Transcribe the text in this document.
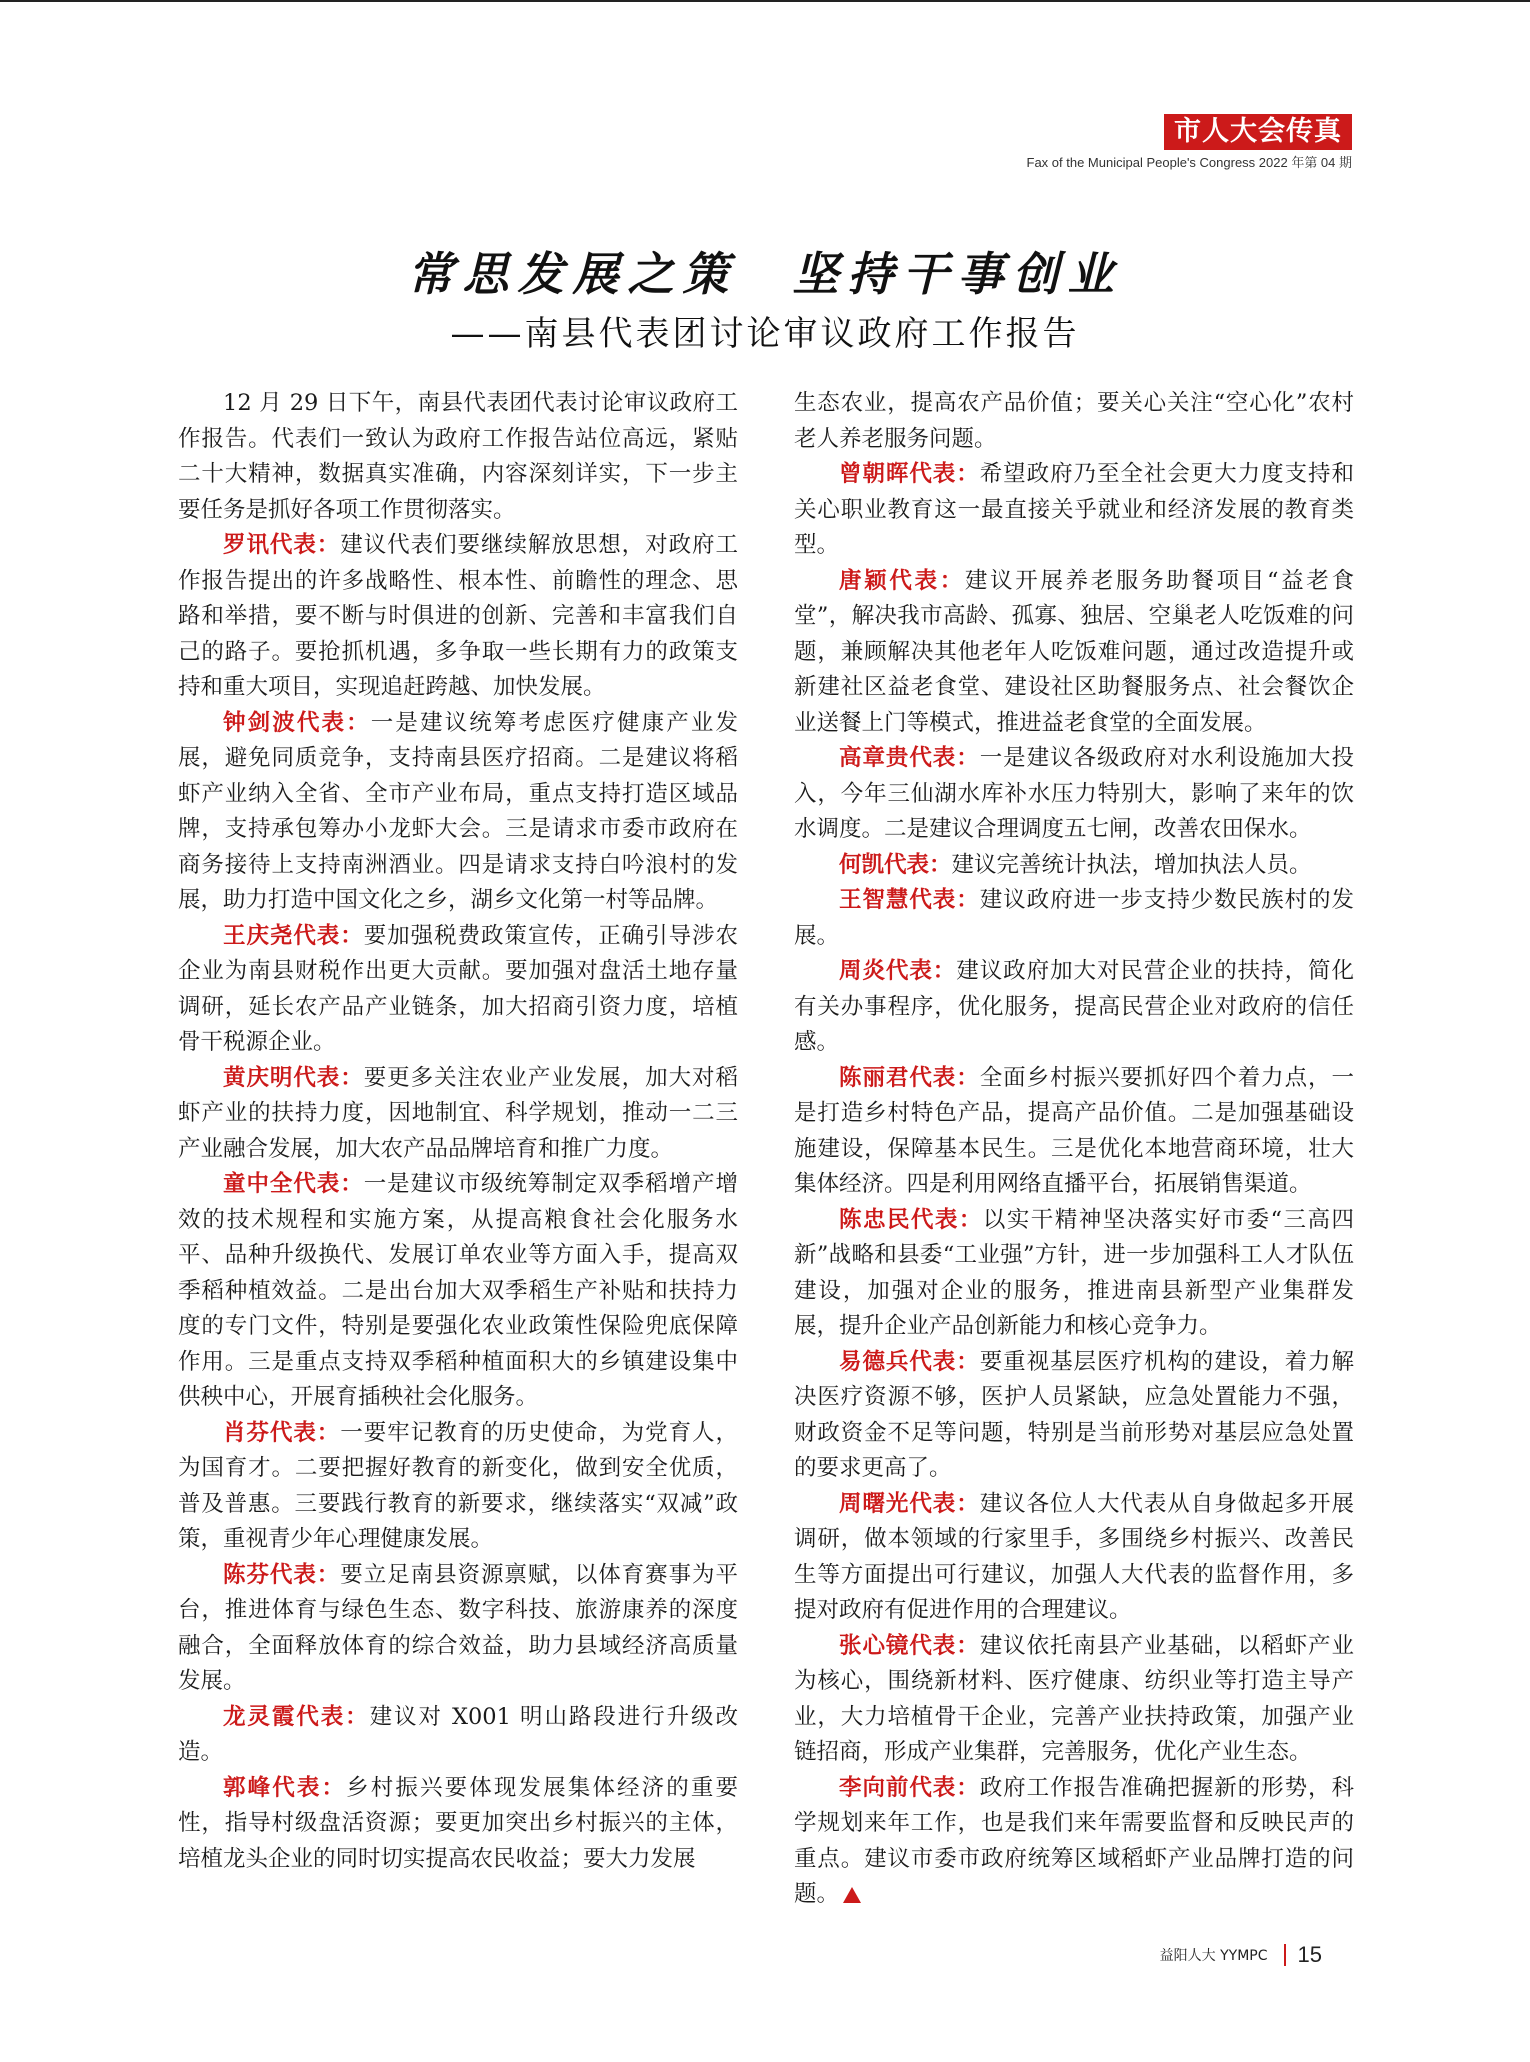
市人大会传真
Fax of the Municipal People's Congress 2022 年第 04 期
常思发展之策　坚持干事创业
——南县代表团讨论审议政府工作报告

12 月 29 日下午，南县代表团代表讨论审议政府工作报告。代表们一致认为政府工作报告站位高远，紧贴二十大精神，数据真实准确，内容深刻详实，下一步主要任务是抓好各项工作贯彻落实。

罗讯代表：建议代表们要继续解放思想，对政府工作报告提出的许多战略性、根本性、前瞻性的理念、思路和举措，要不断与时俱进的创新、完善和丰富我们自己的路子。要抢抓机遇，多争取一些长期有力的政策支持和重大项目，实现追赶跨越、加快发展。

钟剑波代表：一是建议统筹考虑医疗健康产业发展，避免同质竞争，支持南县医疗招商。二是建议将稻虾产业纳入全省、全市产业布局，重点支持打造区域品牌，支持承包筹办小龙虾大会。三是请求市委市政府在商务接待上支持南洲酒业。四是请求支持白吟浪村的发展，助力打造中国文化之乡，湖乡文化第一村等品牌。

王庆尧代表：要加强税费政策宣传，正确引导涉农企业为南县财税作出更大贡献。要加强对盘活土地存量调研，延长农产品产业链条，加大招商引资力度，培植骨干税源企业。

黄庆明代表：要更多关注农业产业发展，加大对稻虾产业的扶持力度，因地制宜、科学规划，推动一二三产业融合发展，加大农产品品牌培育和推广力度。

童中全代表：一是建议市级统筹制定双季稻增产增效的技术规程和实施方案，从提高粮食社会化服务水平、品种升级换代、发展订单农业等方面入手，提高双季稻种植效益。二是出台加大双季稻生产补贴和扶持力度的专门文件，特别是要强化农业政策性保险兜底保障作用。三是重点支持双季稻种植面积大的乡镇建设集中供秧中心，开展育插秧社会化服务。

肖芬代表：一要牢记教育的历史使命，为党育人，为国育才。二要把握好教育的新变化，做到安全优质，普及普惠。三要践行教育的新要求，继续落实“双减”政策，重视青少年心理健康发展。

陈芬代表：要立足南县资源禀赋，以体育赛事为平台，推进体育与绿色生态、数字科技、旅游康养的深度融合，全面释放体育的综合效益，助力县域经济高质量发展。

龙灵霞代表：建议对 X001 明山路段进行升级改造。

郭峰代表：乡村振兴要体现发展集体经济的重要性，指导村级盘活资源；要更加突出乡村振兴的主体，培植龙头企业的同时切实提高农民收益；要大力发展

生态农业，提高农产品价值；要关心关注“空心化”农村老人养老服务问题。

曾朝晖代表：希望政府乃至全社会更大力度支持和关心职业教育这一最直接关乎就业和经济发展的教育类型。

唐颖代表：建议开展养老服务助餐项目“益老食堂”，解决我市高龄、孤寡、独居、空巢老人吃饭难的问题，兼顾解决其他老年人吃饭难问题，通过改造提升或新建社区益老食堂、建设社区助餐服务点、社会餐饮企业送餐上门等模式，推进益老食堂的全面发展。

高章贵代表：一是建议各级政府对水利设施加大投入，今年三仙湖水库补水压力特别大，影响了来年的饮水调度。二是建议合理调度五七闸，改善农田保水。

何凯代表：建议完善统计执法，增加执法人员。

王智慧代表：建议政府进一步支持少数民族村的发展。

周炎代表：建议政府加大对民营企业的扶持，简化有关办事程序，优化服务，提高民营企业对政府的信任感。

陈丽君代表：全面乡村振兴要抓好四个着力点，一是打造乡村特色产品，提高产品价值。二是加强基础设施建设，保障基本民生。三是优化本地营商环境，壮大集体经济。四是利用网络直播平台，拓展销售渠道。

陈忠民代表：以实干精神坚决落实好市委“三高四新”战略和县委“工业强”方针，进一步加强科工人才队伍建设，加强对企业的服务，推进南县新型产业集群发展，提升企业产品创新能力和核心竞争力。

易德兵代表：要重视基层医疗机构的建设，着力解决医疗资源不够，医护人员紧缺，应急处置能力不强，财政资金不足等问题，特别是当前形势对基层应急处置的要求更高了。

周曙光代表：建议各位人大代表从自身做起多开展调研，做本领域的行家里手，多围绕乡村振兴、改善民生等方面提出可行建议，加强人大代表的监督作用，多提对政府有促进作用的合理建议。

张心镜代表：建议依托南县产业基础，以稻虾产业为核心，围绕新材料、医疗健康、纺织业等打造主导产业，大力培植骨干企业，完善产业扶持政策，加强产业链招商，形成产业集群，完善服务，优化产业生态。

李向前代表：政府工作报告准确把握新的形势，科学规划来年工作，也是我们来年需要监督和反映民声的重点。建议市委市政府统筹区域稻虾产业品牌打造的问题。

益阳人大 YYMPC 15
